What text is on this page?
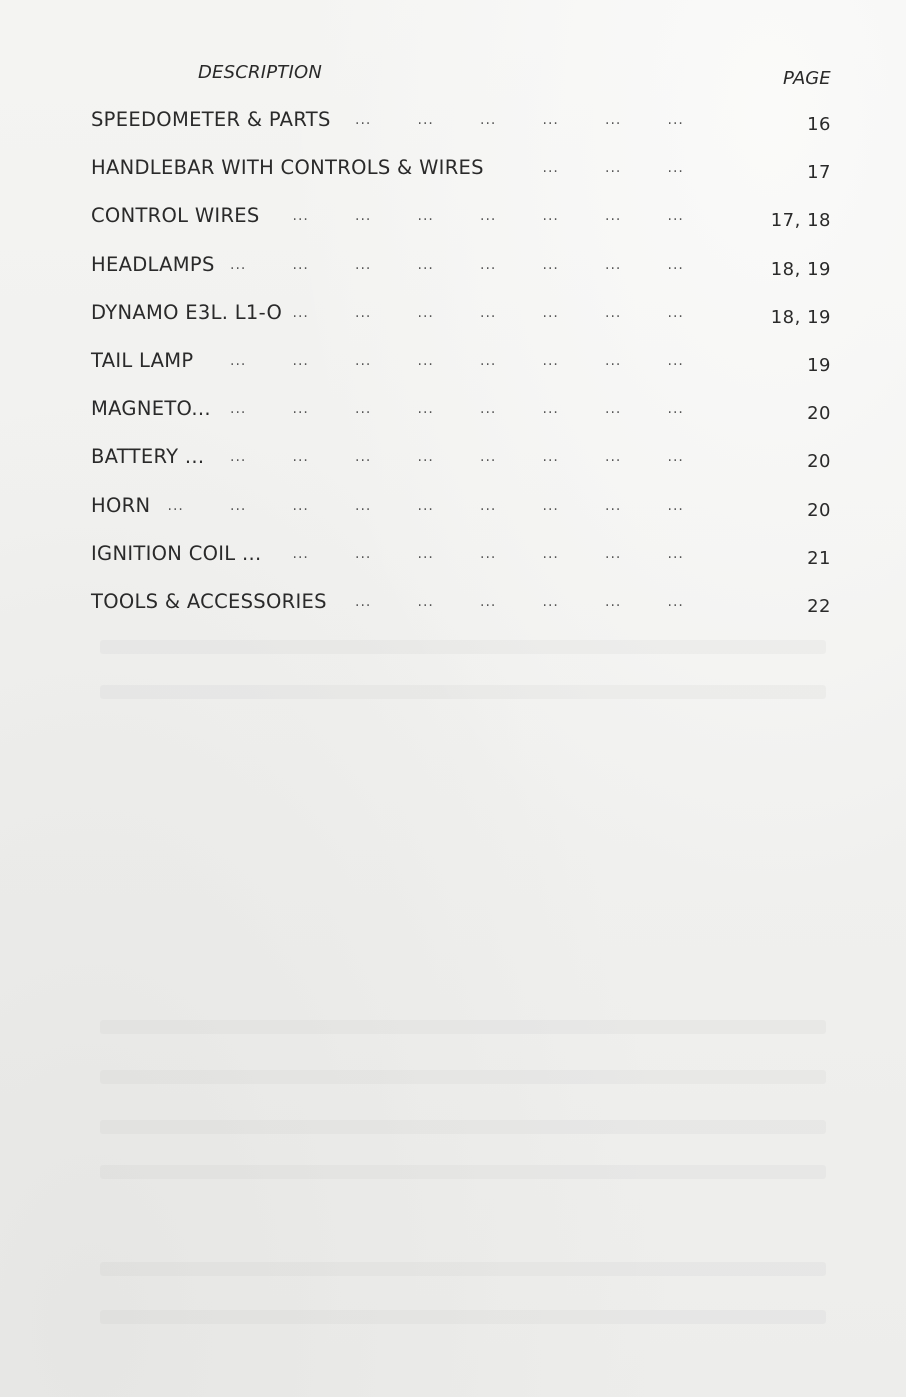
DESCRIPTION	PAGE
...	...	...	...	...	...
SPEEDOMETER & PARTS	16
...	...	...
HANDLEBAR WITH CONTROLS & WIRES	17
...	...	...	...	...	...	...
CONTROL WIRES	17, 18
...	...	...	...	...	...	...	...
HEADLAMPS	18, 19
...	...	...	...	...	...	...
DYNAMO E3L. L1-O	18, 19
...	...	...	...	...	...	...	...
TAIL LAMP	19
...	...	...	...	...	...	...	...
MAGNETO...	20
...	...	...	...	...	...	...	...
BATTERY ...	20
...	...	...	...	...	...	...	...	...
HORN	20
...	...	...	...	...	...	...
IGNITION COIL ...	21
...	...	...	...	...	...
TOOLS & ACCESSORIES	22
